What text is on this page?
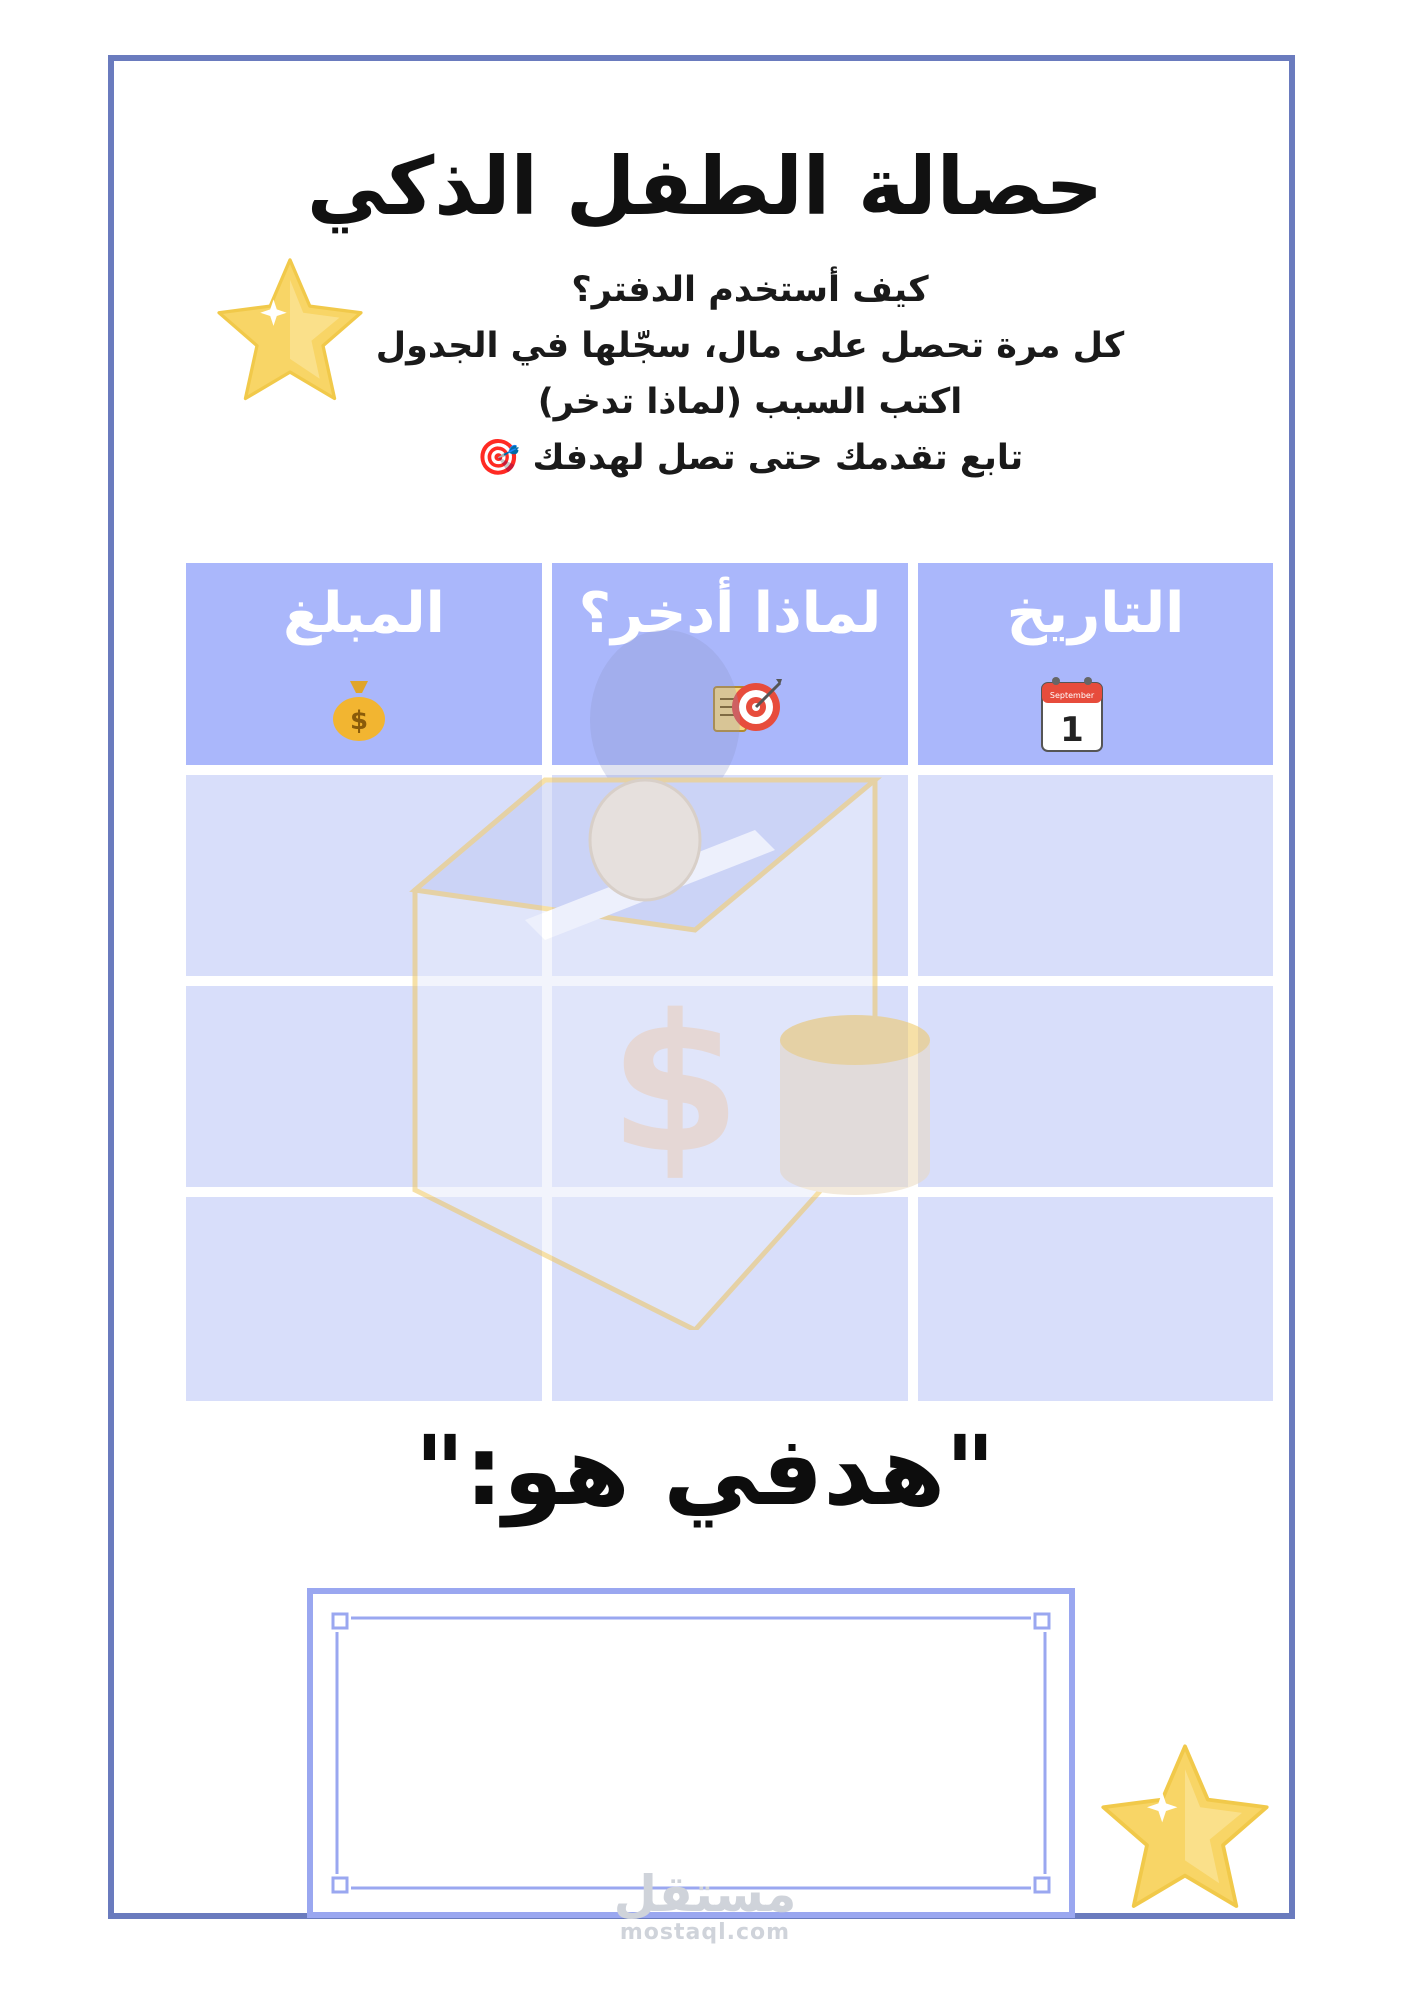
حصالة الطفل الذكي
كيف أستخدم الدفتر؟
كل مرة تحصل على مال، سجّلها في الجدول
اكتب السبب (لماذا تدخر)
تابع تقدمك حتى تصل لهدفك 🎯
التاريخ
September
1
لماذا أدخر؟
المبلغ
$
$
"هدفي هو:"
مستقل
mostaql.com
